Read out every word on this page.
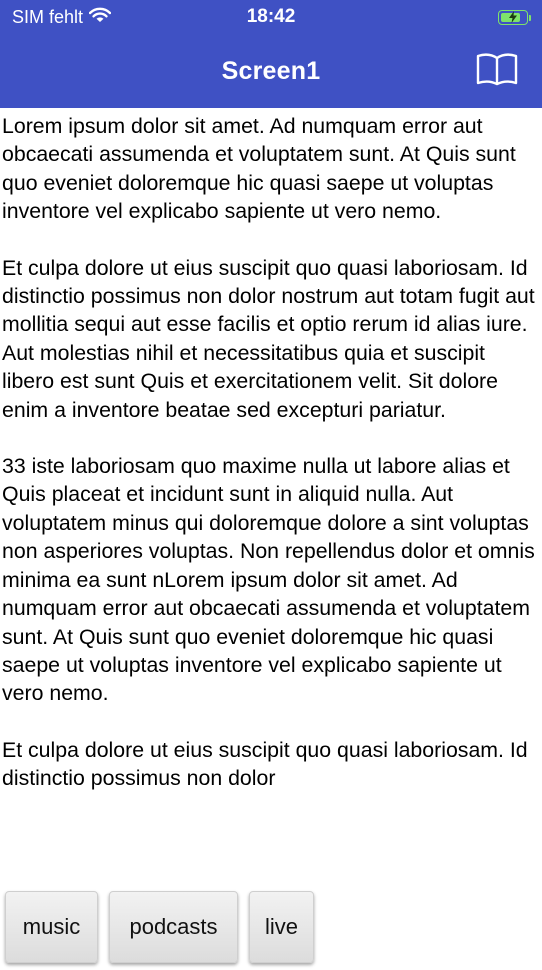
SIM fehlt	18:42
Screen1

Lorem ipsum dolor sit amet. Ad numquam error aut obcaecati assumenda et voluptatem sunt. At Quis sunt quo eveniet doloremque hic quasi saepe ut voluptas inventore vel explicabo sapiente ut vero nemo.

Et culpa dolore ut eius suscipit quo quasi laboriosam. Id distinctio possimus non dolor nostrum aut totam fugit aut mollitia sequi aut esse facilis et optio rerum id alias iure. Aut molestias nihil et necessitatibus quia et suscipit libero est sunt Quis et exercitationem velit. Sit dolore enim a inventore beatae sed excepturi pariatur.

33 iste laboriosam quo maxime nulla ut labore alias et Quis placeat et incidunt sunt in aliquid nulla. Aut voluptatem minus qui doloremque dolore a sint voluptas non asperiores voluptas. Non repellendus dolor et omnis minima ea sunt nLorem ipsum dolor sit amet. Ad numquam error aut obcaecati assumenda et voluptatem sunt. At Quis sunt quo eveniet doloremque hic quasi saepe ut voluptas inventore vel explicabo sapiente ut vero nemo.

Et culpa dolore ut eius suscipit quo quasi laboriosam. Id distinctio possimus non dolor

music	podcasts	live
